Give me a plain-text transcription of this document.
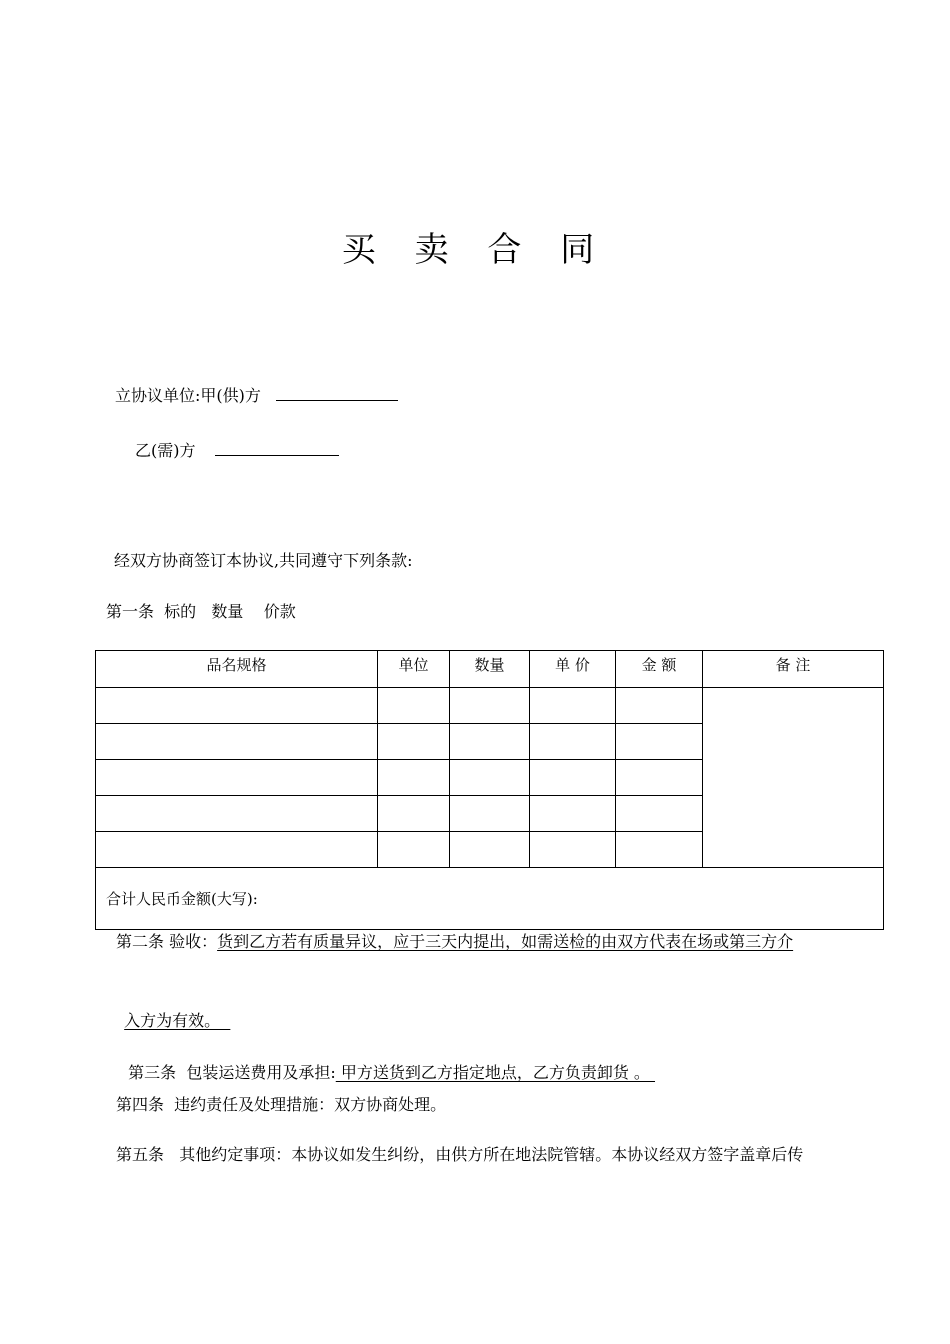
买 卖 合 同
立协议单位:甲(供)方
乙(需)方
经双方协商签订本协议,共同遵守下列条款:
第一条  标的   数量    价款
品名规格	单位	数量	单 价	金 额	备 注

合计人民币金额(大写):					
第二条 验收：货到乙方若有质量异议，应于三天内提出，如需送检的由双方代表在场或第三方介

入方为有效。

第三条  包装运送费用及承担: 甲方送货到乙方指定地点，乙方负责卸货 。

第四条  违约责任及处理措施：双方协商处理。
第五条   其他约定事项：本协议如发生纠纷，由供方所在地法院管辖。本协议经双方签字盖章后传
